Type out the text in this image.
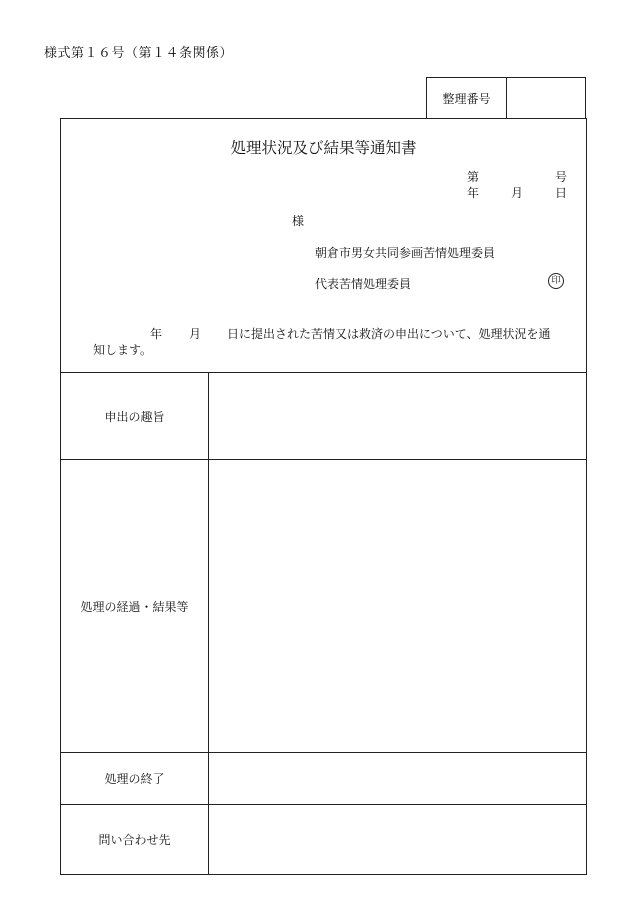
様式第１６号（第１４条関係）
整理番号
処理状況及び結果等通知書
第	号
年	月	日
様
朝倉市男女共同参画苦情処理委員
代表苦情処理委員	印
年 月 日に提出された苦情又は救済の申出について、処理状況を通
知します。
申出の趣旨
処理の経過・結果等
処理の終了
問い合わせ先
